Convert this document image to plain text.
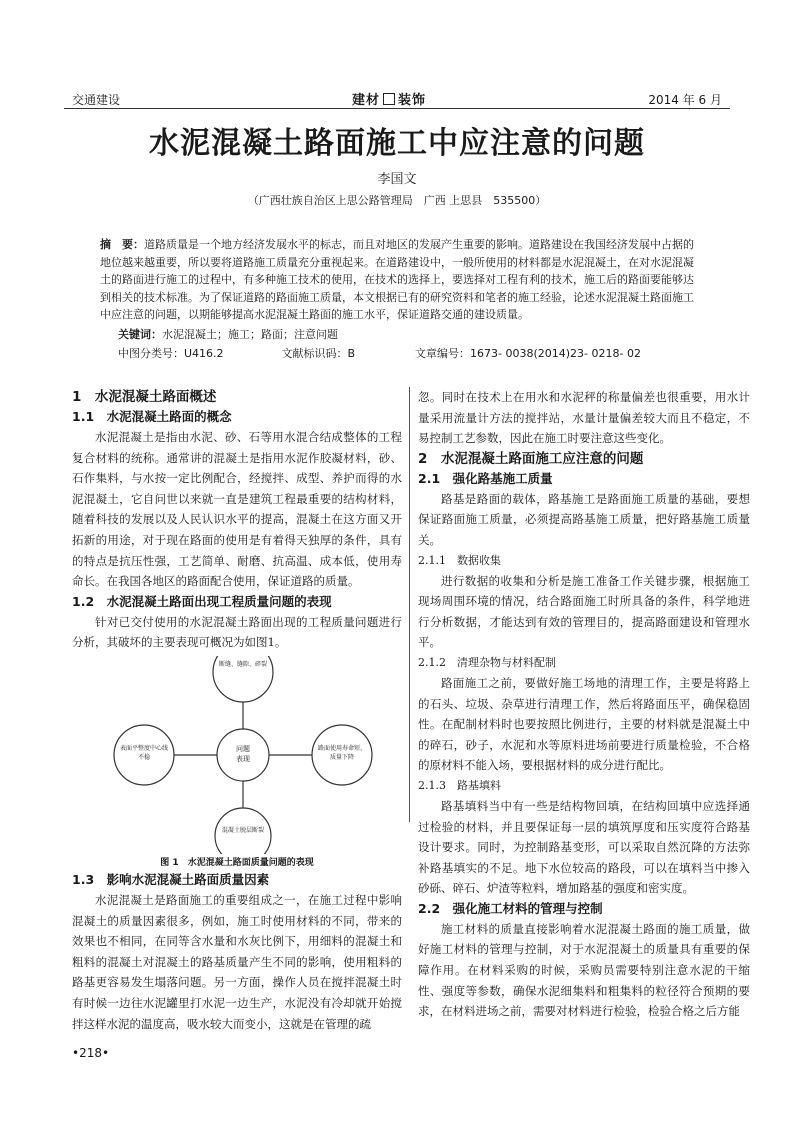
交通建设	建材 装饰	2014 年 6 月
水泥混凝土路面施工中应注意的问题
李国文
（广西壮族自治区上思公路管理局　广西 上思县　535500）
摘　要：道路质量是一个地方经济发展水平的标志，而且对地区的发展产生重要的影响。道路建设在我国经济发展中占据的地位越来越重要，所以要将道路施工质量充分重视起来。在道路建设中，一般所使用的材料都是水泥混凝土，在对水泥混凝土的路面进行施工的过程中，有多种施工技术的使用，在技术的选择上，要选择对工程有利的技术，施工后的路面要能够达到相关的技术标准。为了保证道路的路面施工质量，本文根据已有的研究资料和笔者的施工经验，论述水泥混凝土路面施工中应注意的问题，以期能够提高水泥混凝土路面的施工水平，保证道路交通的建设质量。
关键词：水泥混凝土；施工；路面；注意问题
中图分类号：U416.2	文献标识码：B	文章编号：1673- 0038(2014)23- 0218- 02
1　水泥混凝土路面概述
1.1　水泥混凝土路面的概念

水泥混凝土是指由水泥、砂、石等用水混合结成整体的工程复合材料的统称。通常讲的混凝土是指用水泥作胶凝材料，砂、石作集料，与水按一定比例配合，经搅拌、成型、养护而得的水泥混凝土，它自问世以来就一直是建筑工程最重要的结构材料，随着科技的发展以及人民认识水平的提高，混凝土在这方面又开拓新的用途，对于现在路面的使用是有着得天独厚的条件，具有的特点是抗压性强，工艺简单、耐磨、抗高温、成本低，使用寿命长。在我国各地区的路面配合使用，保证道路的质量。

1.2　水泥混凝土路面出现工程质量问题的表现

针对已交付使用的水泥混凝土路面出现的工程质量问题进行分析，其破坏的主要表现可概况为如图1。

断缝、缝隙、碎裂
表面平整度中心线不稳
问题
表现
路面使用寿命短、质量下降
混凝土脱层断裂
图 1　水泥混凝土路面质量问题的表现
1.3　影响水泥混凝土路面质量因素

水泥混凝土是路面施工的重要组成之一，在施工过程中影响混凝土的质量因素很多，例如，施工时使用材料的不同，带来的效果也不相同，在同等含水量和水灰比例下，用细料的混凝土和粗料的混凝土对混凝土的路基质量产生不同的影响，使用粗料的路基更容易发生塌落问题。另一方面，操作人员在搅拌混凝土时有时候一边往水泥罐里打水泥一边生产，水泥没有冷却就开始搅拌这样水泥的温度高，吸水较大而变小，这就是在管理的疏

忽。同时在技术上在用水和水泥秤的称量偏差也很重要，用水计量采用流量计方法的搅拌站，水量计量偏差较大而且不稳定，不易控制工艺参数，因此在施工时要注意这些变化。

2　水泥混凝土路面施工应注意的问题
2.1　强化路基施工质量

路基是路面的载体，路基施工是路面施工质量的基础，要想保证路面施工质量，必须提高路基施工质量，把好路基施工质量关。

2.1.1　数据收集

进行数据的收集和分析是施工准备工作关键步骤，根据施工现场周围环境的情况，结合路面施工时所具备的条件，科学地进行分析数据，才能达到有效的管理目的，提高路面建设和管理水平。

2.1.2　清理杂物与材料配制

路面施工之前，要做好施工场地的清理工作，主要是将路上的石头、垃圾、杂草进行清理工作，然后将路面压平，确保稳固性。在配制材料时也要按照比例进行，主要的材料就是混凝土中的碎石，砂子，水泥和水等原料进场前要进行质量检验，不合格的原材料不能入场，要根据材料的成分进行配比。

2.1.3　路基填料

路基填料当中有一些是结构物回填，在结构回填中应选择通过检验的材料，并且要保证每一层的填筑厚度和压实度符合路基设计要求。同时，为控制路基变形，可以采取自然沉降的方法弥补路基填实的不足。地下水位较高的路段，可以在填料当中掺入砂砾、碎石、炉渣等粒料，增加路基的强度和密实度。

2.2　强化施工材料的管理与控制

施工材料的质量直接影响着水泥混凝土路面的施工质量，做好施工材料的管理与控制，对于水泥混凝土的质量具有重要的保障作用。在材料采购的时候，采购员需要特别注意水泥的干缩性、强度等参数，确保水泥细集料和粗集料的粒径符合预期的要求，在材料进场之前，需要对材料进行检验，检验合格之后方能

•218•
